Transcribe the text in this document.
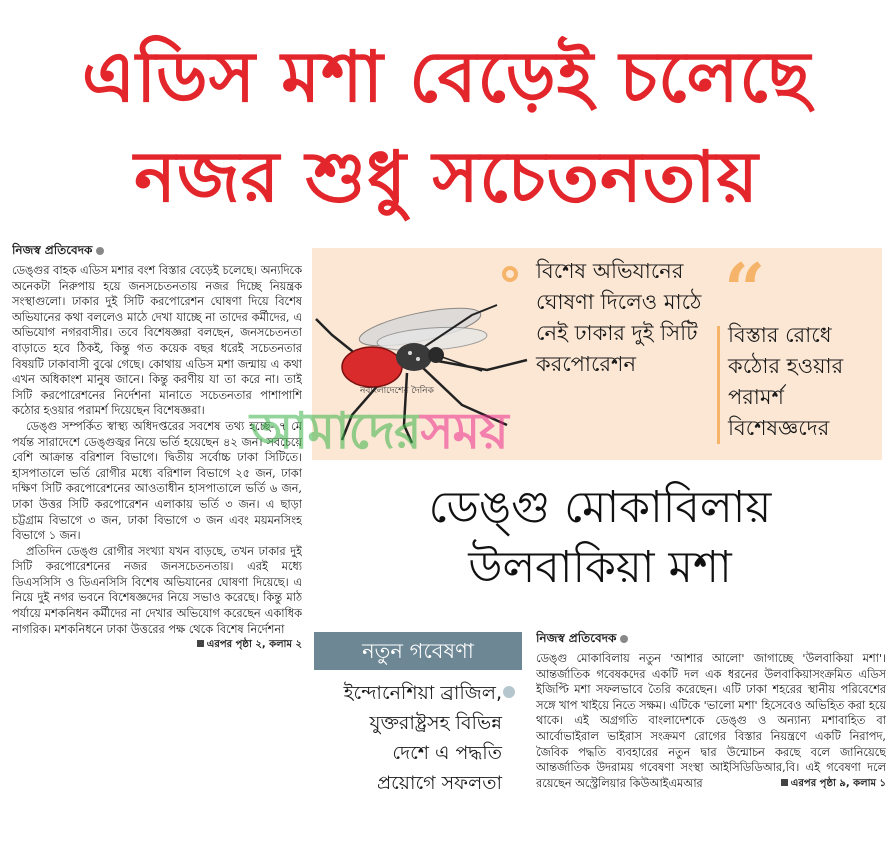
এডিস মশা বেড়েই চলেছে
নজর শুধু সচেতনতায়
নিজস্ব প্রতিবেদক

ডেঙ্গুর বাহক এডিস মশার বংশ বিস্তার বেড়েই চলেছে। অন্যদিকে অনেকটা নিরুপায় হয়ে জনসচেতনতায় নজর দিচ্ছে নিয়ন্ত্রক সংস্থাগুলো। ঢাকার দুই সিটি করপোরেশন ঘোষণা দিয়ে বিশেষ অভিযানের কথা বললেও মাঠে দেখা যাচ্ছে না তাদের কর্মীদের, এ অভিযোগ নগরবাসীর। তবে বিশেষজ্ঞরা বলছেন, জনসচেতনতা বাড়াতে হবে ঠিকই, কিন্তু গত কয়েক বছর ধরেই সচেতনতার বিষয়টি ঢাকাবাসী বুঝে গেছে। কোথায় এডিস মশা জন্মায় এ কথা এখন অধিকাংশ মানুষ জানে। কিন্তু করণীয় যা তা করে না। তাই সিটি করপোরেশনের নির্দেশনা মানাতে সচেতনতার পাশাপাশি কঠোর হওয়ার পরামর্শ দিয়েছেন বিশেষজ্ঞরা।

ডেঙ্গু সম্পর্কিত স্বাস্থ্য অধিদপ্তরের সবশেষ তথ্য হচ্ছে- ৭ মে পর্যন্ত সারাদেশে ডেঙ্গুজ্বর নিয়ে ভর্তি হয়েছেন ৪২ জন। সবচেয়ে বেশি আক্রান্ত বরিশাল বিভাগে। দ্বিতীয় সর্বোচ্চ ঢাকা সিটিতে। হাসপাতালে ভর্তি রোগীর মধ্যে বরিশাল বিভাগে ২৫ জন, ঢাকা দক্ষিণ সিটি করপোরেশনের আওতাধীন হাসপাতালে ভর্তি ৬ জন, ঢাকা উত্তর সিটি করপোরেশন এলাকায় ভর্তি ৩ জন। এ ছাড়া চট্টগ্রাম বিভাগে ৩ জন, ঢাকা বিভাগে ৩ জন এবং ময়মনসিংহ বিভাগে ১ জন।

প্রতিদিন ডেঙ্গু রোগীর সংখ্যা যখন বাড়ছে, তখন ঢাকার দুই সিটি করপোরেশনের নজর জনসচেতনতায়। এরই মধ্যে ডিএসসিসি ও ডিএনসিসি বিশেষ অভিযানের ঘোষণা দিয়েছে। এ নিয়ে দুই নগর ভবনে বিশেষজ্ঞদের নিয়ে সভাও করেছে। কিন্তু মাঠ পর্যায়ে মশকনিধন কর্মীদের না দেখার অভিযোগ করেছেন একাধিক নাগরিক। মশকনিধনে ঢাকা উত্তরের পক্ষ থেকে বিশেষ নির্দেশনা
এরপর পৃষ্ঠা ২, কলাম ২

বিশেষ অভিযানের ঘোষণা দিলেও মাঠে নেই ঢাকার দুই সিটি করপোরেশন
“
বিস্তার রোধে কঠোর হওয়ার পরামর্শ বিশেষজ্ঞদের
নবাংলাদেশের দৈনিক
আমাদেরসময়
ডেঙ্গু মোকাবিলায়
উলবাকিয়া মশা
নতুন গবেষণা
ইন্দোনেশিয়া ব্রাজিল, যুক্তরাষ্ট্রসহ বিভিন্ন দেশে এ পদ্ধতি প্রয়োগে সফলতা
নিজস্ব প্রতিবেদক

ডেঙ্গু মোকাবিলায় নতুন 'আশার আলো' জাগাচ্ছে 'উলবাকিয়া মশা'। আন্তর্জাতিক গবেষকদের একটি দল এক ধরনের উলবাকিয়াসংক্রমিত এডিস ইজিপ্টি মশা সফলভাবে তৈরি করেছেন। এটি ঢাকা শহরের স্থানীয় পরিবেশের সঙ্গে খাপ খাইয়ে নিতে সক্ষম। এটিকে 'ভালো মশা' হিসেবেও অভিহিত করা হয়ে থাকে। এই অগ্রগতি বাংলাদেশকে ডেঙ্গু ও অন্যান্য মশাবাহিত বা আর্বোভাইরাল ভাইরাস সংক্রমণ রোগের বিস্তার নিয়ন্ত্রণে একটি নিরাপদ, জৈবিক পদ্ধতি ব্যবহারের নতুন দ্বার উন্মোচন করছে বলে জানিয়েছে আন্তর্জাতিক উদরাময় গবেষণা সংস্থা আইসিডিডিআর,বি। এই গবেষণা দলে রয়েছেন অস্ট্রেলিয়ার কিউআইএমআর	এরপর পৃষ্ঠা ৯, কলাম ১
